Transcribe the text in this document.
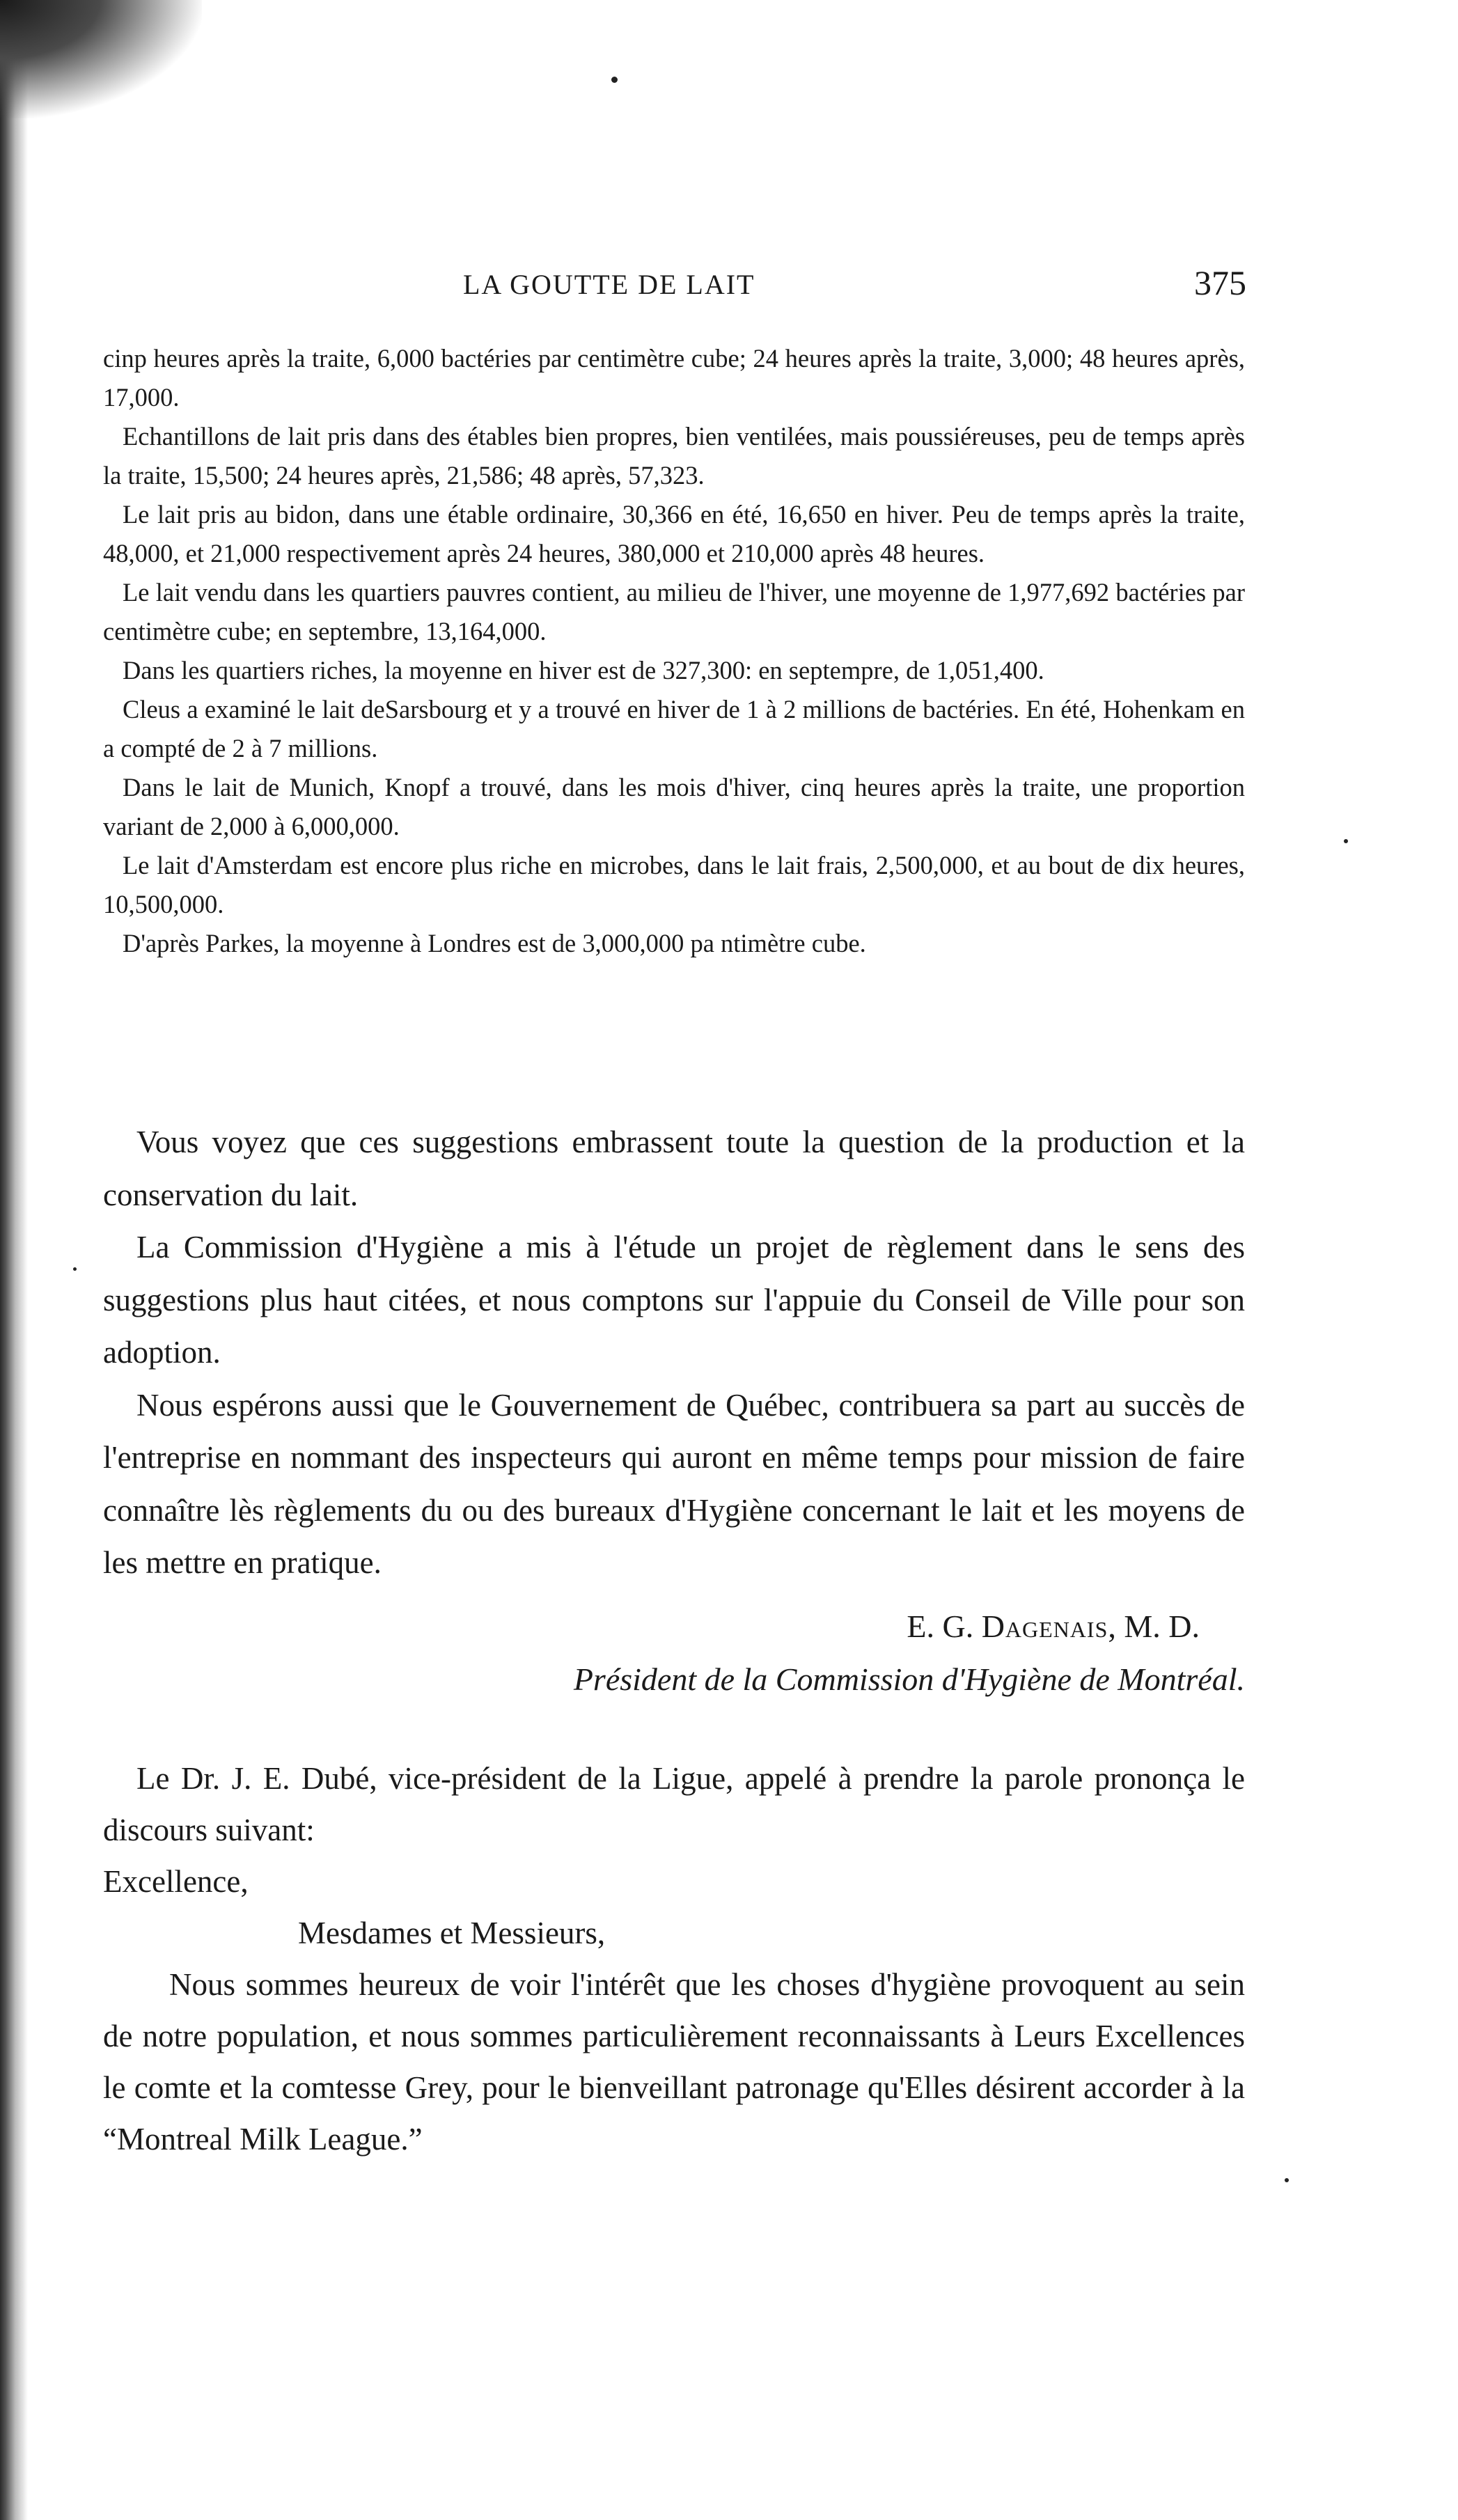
LA GOUTTE DE LAIT	375

cinp heures après la traite, 6,000 bactéries par centimètre cube; 24 heures après la traite, 3,000; 48 heures après, 17,000.

Echantillons de lait pris dans des étables bien propres, bien ventilées, mais poussiéreuses, peu de temps après la traite, 15,500; 24 heures après, 21,586; 48 après, 57,323.

Le lait pris au bidon, dans une étable ordinaire, 30,366 en été, 16,650 en hiver. Peu de temps après la traite, 48,000, et 21,000 respectivement après 24 heures, 380,000 et 210,000 après 48 heures.

Le lait vendu dans les quartiers pauvres contient, au milieu de l'hiver, une moyenne de 1,977,692 bactéries par centimètre cube; en septembre, 13,164,000.

Dans les quartiers riches, la moyenne en hiver est de 327,300: en septempre, de 1,051,400.

Cleus a examiné le lait deSarsbourg et y a trouvé en hiver de 1 à 2 millions de bactéries. En été, Hohenkam en a compté de 2 à 7 millions.

Dans le lait de Munich, Knopf a trouvé, dans les mois d'hiver, cinq heures après la traite, une proportion variant de 2,000 à 6,000,000.

Le lait d'Amsterdam est encore plus riche en microbes, dans le lait frais, 2,500,000, et au bout de dix heures, 10,500,000.

D'après Parkes, la moyenne à Londres est de 3,000,000 pa ntimètre cube.

Vous voyez que ces suggestions embrassent toute la question de la production et la conservation du lait.

La Commission d'Hygiène a mis à l'étude un projet de règlement dans le sens des suggestions plus haut citées, et nous comptons sur l'appuie du Conseil de Ville pour son adoption.

Nous espérons aussi que le Gouvernement de Québec, contribuera sa part au succès de l'entreprise en nommant des inspecteurs qui auront en même temps pour mission de faire connaître lès règlements du ou des bureaux d'Hygiène concernant le lait et les moyens de les mettre en pratique.

E. G. Dagenais, M. D.
Président de la Commission d'Hygiène de Montréal.

Le Dr. J. E. Dubé, vice-président de la Ligue, appelé à prendre la parole prononça le discours suivant:

Excellence,

Mesdames et Messieurs,

Nous sommes heureux de voir l'intérêt que les choses d'hygiène provoquent au sein de notre population, et nous sommes particulièrement reconnaissants à Leurs Excellences le comte et la comtesse Grey, pour le bienveillant patronage qu'Elles désirent accorder à la “Montreal Milk League.”
